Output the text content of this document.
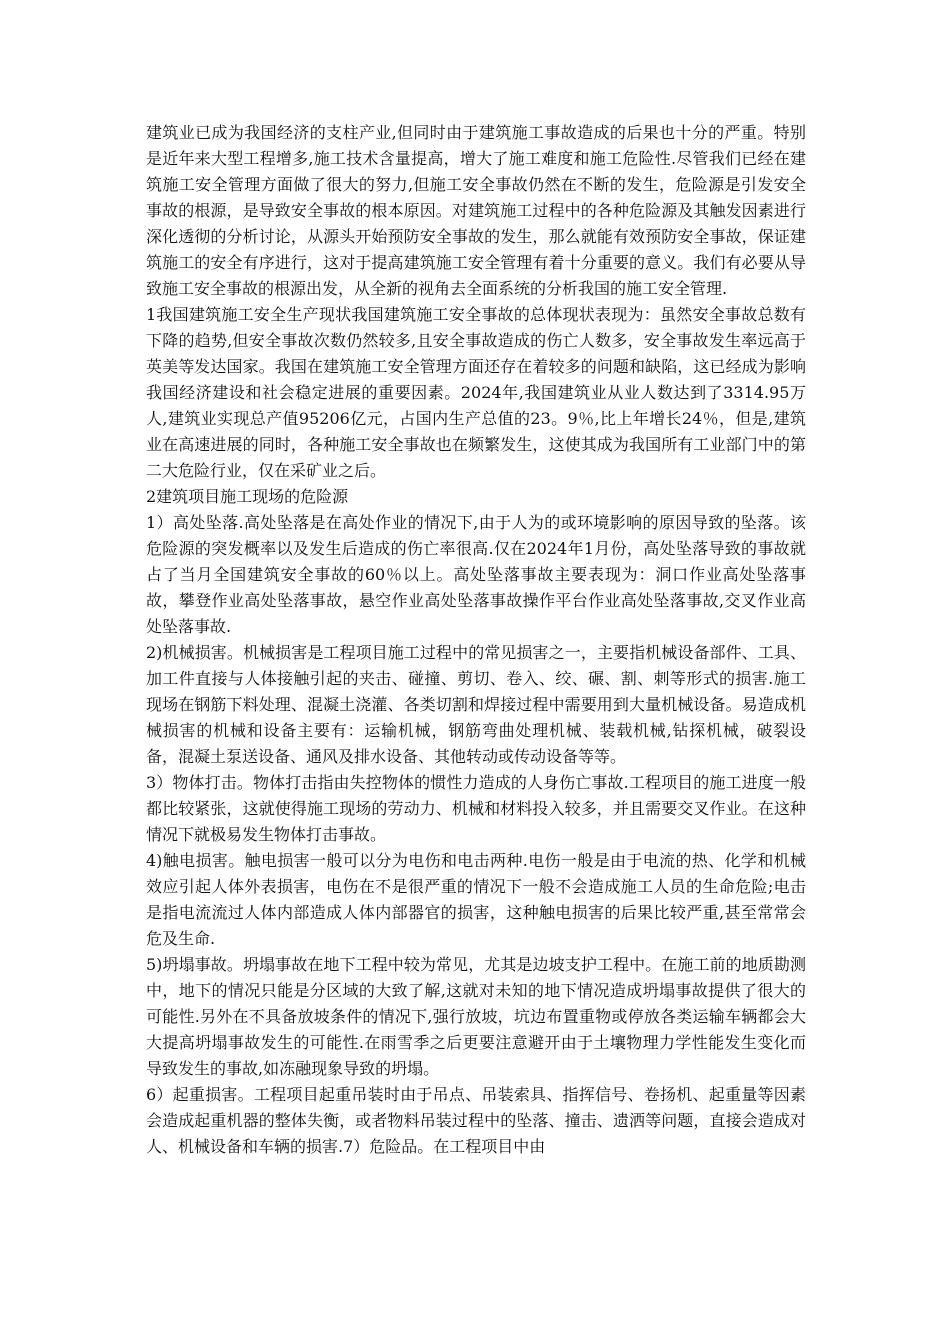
建筑业已成为我国经济的支柱产业,但同时由于建筑施工事故造成的后果也十分的严重。特别是近年来大型工程增多,施工技术含量提高，增大了施工难度和施工危险性.尽管我们已经在建筑施工安全管理方面做了很大的努力,但施工安全事故仍然在不断的发生，危险源是引发安全事故的根源，是导致安全事故的根本原因。对建筑施工过程中的各种危险源及其触发因素进行深化透彻的分析讨论，从源头开始预防安全事故的发生，那么就能有效预防安全事故，保证建筑施工的安全有序进行，这对于提高建筑施工安全管理有着十分重要的意义。我们有必要从导致施工安全事故的根源出发，从全新的视角去全面系统的分析我国的施工安全管理.

1我国建筑施工安全生产现状我国建筑施工安全事故的总体现状表现为：虽然安全事故总数有下降的趋势,但安全事故次数仍然较多,且安全事故造成的伤亡人数多，安全事故发生率远高于英美等发达国家。我国在建筑施工安全管理方面还存在着较多的问题和缺陷，这已经成为影响我国经济建设和社会稳定进展的重要因素。2024年,我国建筑业从业人数达到了3314.95万人,建筑业实现总产值95206亿元，占国内生产总值的23。9％,比上年增长24％，但是,建筑业在高速进展的同时，各种施工安全事故也在频繁发生，这使其成为我国所有工业部门中的第二大危险行业，仅在采矿业之后。

2建筑项目施工现场的危险源

1）高处坠落.高处坠落是在高处作业的情况下,由于人为的或环境影响的原因导致的坠落。该危险源的突发概率以及发生后造成的伤亡率很高.仅在2024年1月份，高处坠落导致的事故就占了当月全国建筑安全事故的60％以上。高处坠落事故主要表现为：洞口作业高处坠落事故，攀登作业高处坠落事故，悬空作业高处坠落事故操作平台作业高处坠落事故,交叉作业高处坠落事故.

2)机械损害。机械损害是工程项目施工过程中的常见损害之一，主要指机械设备部件、工具、加工件直接与人体接触引起的夹击、碰撞、剪切、卷入、绞、碾、割、刺等形式的损害.施工现场在钢筋下料处理、混凝土浇灌、各类切割和焊接过程中需要用到大量机械设备。易造成机械损害的机械和设备主要有：运输机械，钢筋弯曲处理机械、装载机械,钻探机械，破裂设备，混凝土泵送设备、通风及排水设备、其他转动或传动设备等等。

3）物体打击。物体打击指由失控物体的惯性力造成的人身伤亡事故.工程项目的施工进度一般都比较紧张，这就使得施工现场的劳动力、机械和材料投入较多，并且需要交叉作业。在这种情况下就极易发生物体打击事故。

4)触电损害。触电损害一般可以分为电伤和电击两种.电伤一般是由于电流的热、化学和机械效应引起人体外表损害，电伤在不是很严重的情况下一般不会造成施工人员的生命危险;电击是指电流流过人体内部造成人体内部器官的损害，这种触电损害的后果比较严重,甚至常常会危及生命.

5)坍塌事故。坍塌事故在地下工程中较为常见，尤其是边坡支护工程中。在施工前的地质勘测中，地下的情况只能是分区域的大致了解,这就对未知的地下情况造成坍塌事故提供了很大的可能性.另外在不具备放坡条件的情况下,强行放坡，坑边布置重物或停放各类运输车辆都会大大提高坍塌事故发生的可能性.在雨雪季之后更要注意避开由于土壤物理力学性能发生变化而导致发生的事故,如冻融现象导致的坍塌。

6）起重损害。工程项目起重吊装时由于吊点、吊装索具、指挥信号、卷扬机、起重量等因素会造成起重机器的整体失衡，或者物料吊装过程中的坠落、撞击、遗洒等问题，直接会造成对人、机械设备和车辆的损害.7）危险品。在工程项目中由
